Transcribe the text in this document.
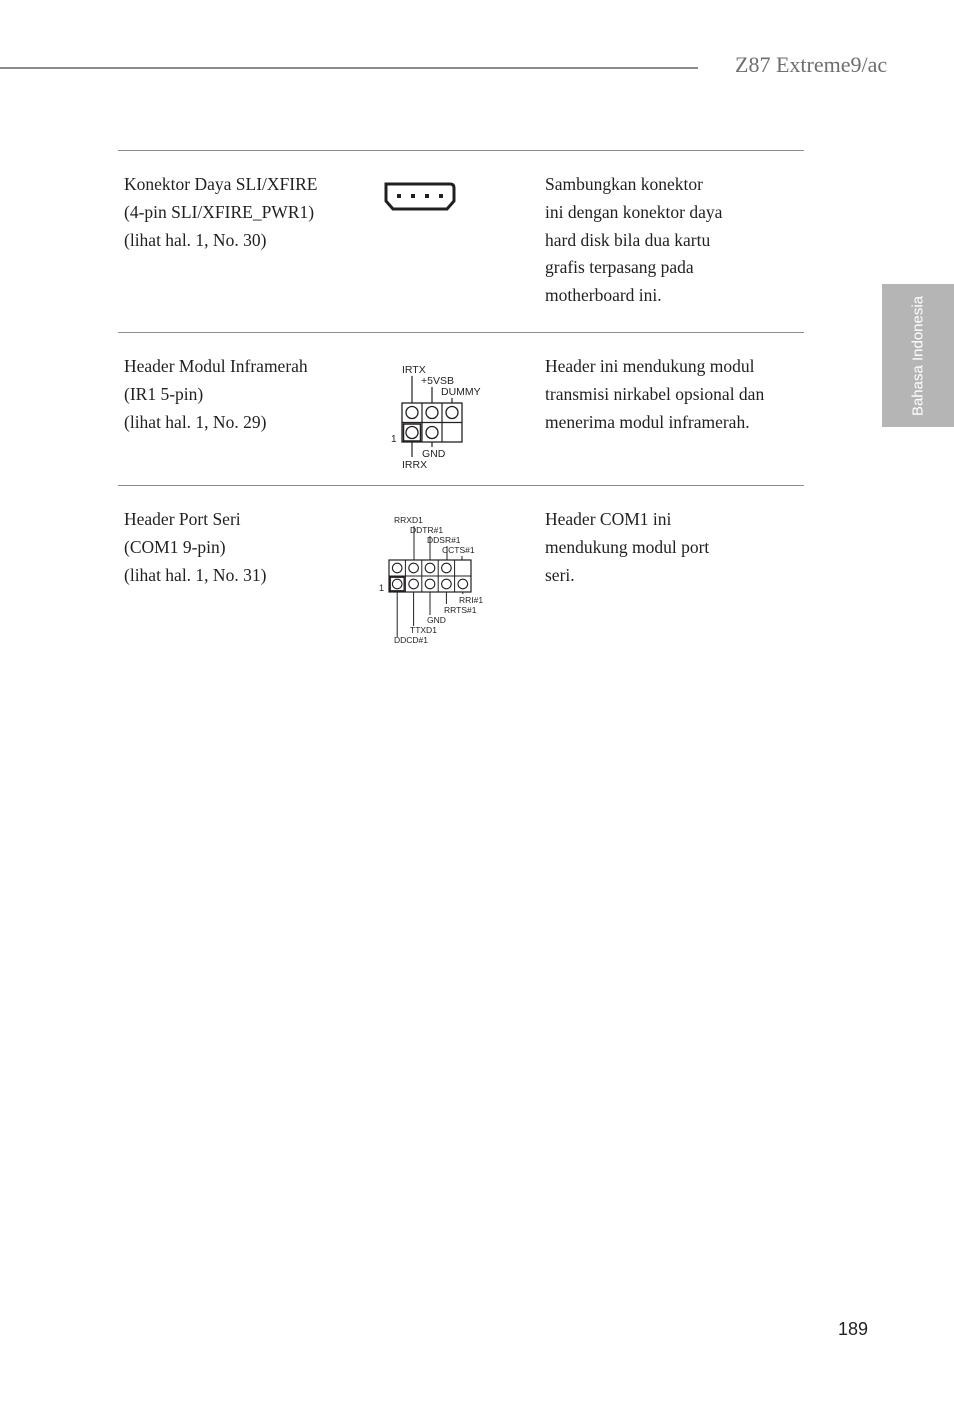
Z87 Extreme9/ac
Bahasa Indonesia
Konektor Daya SLI/XFIRE
(4-pin SLI/XFIRE_PWR1)
(lihat hal. 1, No. 30)
Sambungkan konektor
ini dengan konektor daya
hard disk bila dua kartu
grafis terpasang pada
motherboard ini.
Header Modul Inframerah
(IR1 5-pin)
(lihat hal. 1, No. 29)
IRTX
+5VSB
DUMMY
1
GND
IRRX
Header ini mendukung modul
transmisi nirkabel opsional dan
menerima modul inframerah.
Header Port Seri
(COM1 9-pin)
(lihat hal. 1, No. 31)
RRXD1
DDTR#1
DDSR#1
CCTS#1
1
RRI#1
RRTS#1
GND
TTXD1
DDCD#1
Header COM1 ini
mendukung modul port
seri.
189
